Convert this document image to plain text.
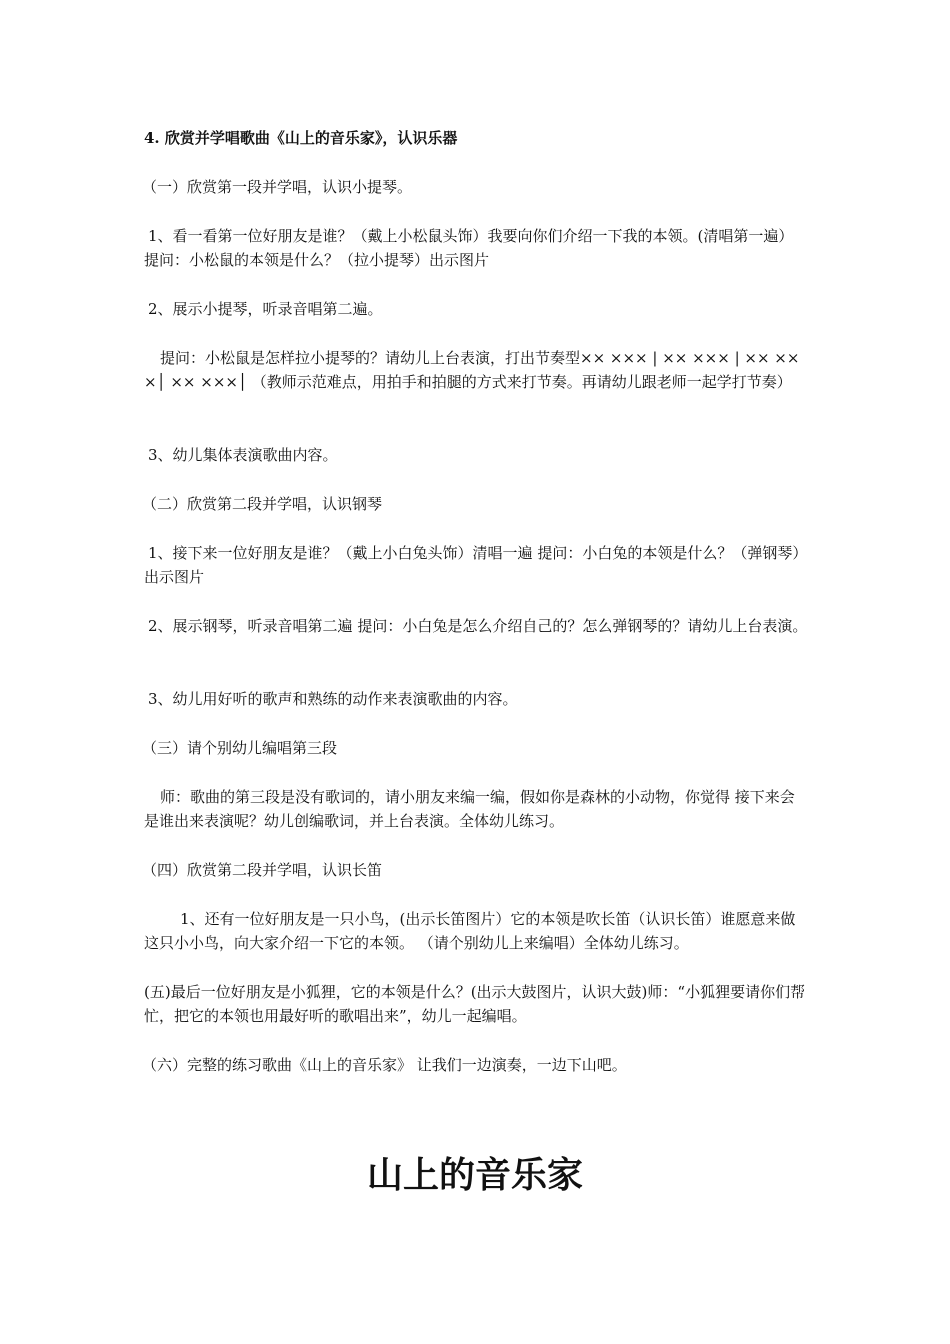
4. 欣赏并学唱歌曲《山上的音乐家》，认识乐器

（一）欣赏第一段并学唱，认识小提琴。

1、看一看第一位好朋友是谁？（戴上小松鼠头饰）我要向你们介绍一下我的本领。(清唱第一遍） 提问：小松鼠的本领是什么？（拉小提琴）出示图片

2、展示小提琴，听录音唱第二遍。

提问：小松鼠是怎样拉小提琴的？请幼儿上台表演，打出节奏型×× ××× | ×× ××× | ×× ×××│ ×× ×××│ （教师示范难点，用拍手和拍腿的方式来打节奏。再请幼儿跟老师一起学打节奏）

3、幼儿集体表演歌曲内容。

（二）欣赏第二段并学唱，认识钢琴

1、接下来一位好朋友是谁？（戴上小白兔头饰）清唱一遍 提问：小白兔的本领是什么？（弹钢琴）出示图片

2、展示钢琴，听录音唱第二遍 提问：小白兔是怎么介绍自己的？怎么弹钢琴的？请幼儿上台表演。

3、幼儿用好听的歌声和熟练的动作来表演歌曲的内容。

（三）请个别幼儿编唱第三段

师：歌曲的第三段是没有歌词的，请小朋友来编一编，假如你是森林的小动物，你觉得 接下来会是谁出来表演呢？幼儿创编歌词，并上台表演。全体幼儿练习。

（四）欣赏第二段并学唱，认识长笛

1、还有一位好朋友是一只小鸟，(出示长笛图片）它的本领是吹长笛（认识长笛）谁愿意来做这只小小鸟，向大家介绍一下它的本领。 （请个别幼儿上来编唱）全体幼儿练习。

(五)最后一位好朋友是小狐狸，它的本领是什么？(出示大鼓图片，认识大鼓)师：“小狐狸要请你们帮忙，把它的本领也用最好听的歌唱出来”，幼儿一起编唱。

（六）完整的练习歌曲《山上的音乐家》 让我们一边演奏，一边下山吧。

山上的音乐家
